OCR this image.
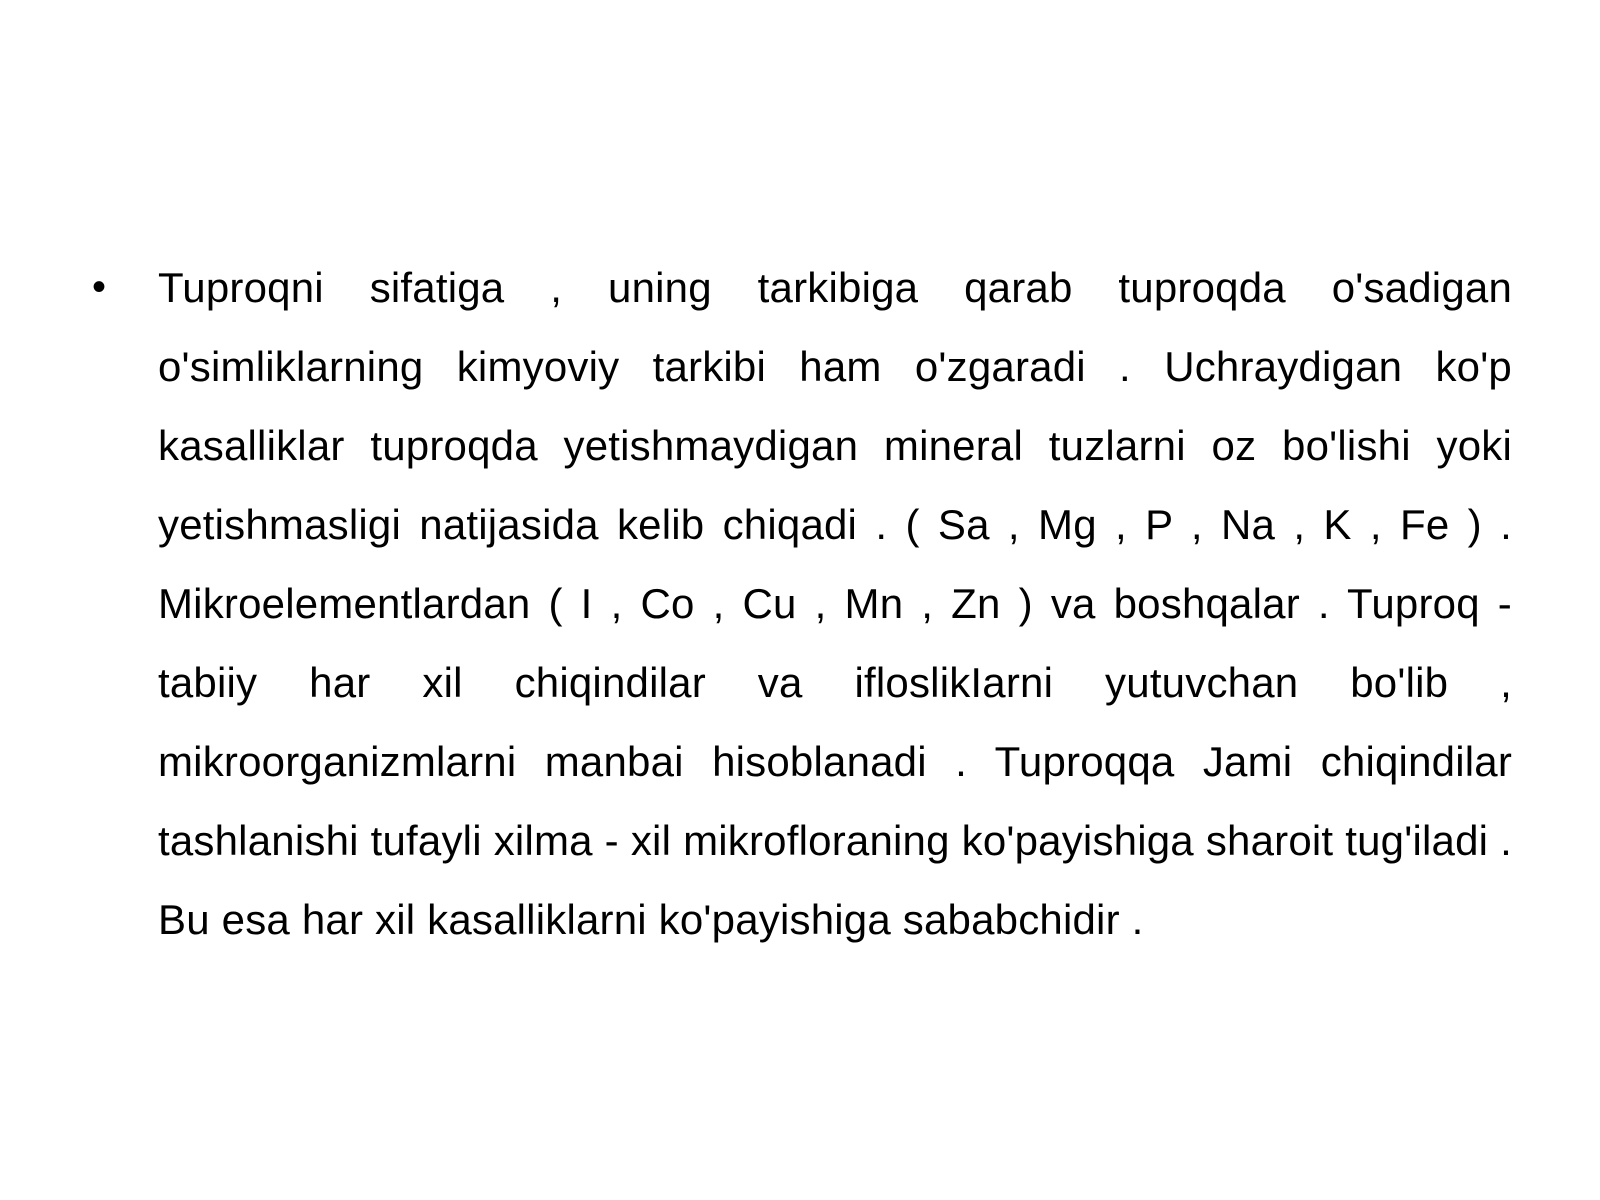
•	Tuproqni sifatiga , uning tarkibiga qarab tuproqda o'sadigan o'simliklarning kimyoviy tarkibi ham o'zgaradi . Uchraydigan ko'p kasalliklar tuproqda yetishmaydigan mineral tuzlarni oz bo'lishi yoki yetishmasligi natijasida kelib chiqadi . ( Sa , Mg , P , Na , K , Fe ) . Mikroelementlardan ( I , Co , Cu , Mn , Zn ) va boshqalar . Tuproq - tabiiy har xil chiqindilar va ifloslikIarni yutuvchan bo'lib , mikroorganizmlarni manbai hisoblanadi . Tuproqqa Jami chiqindilar tashlanishi tufayli xilma - xil mikrofloraning ko'payishiga sharoit tug'iladi . Bu esa har xil kasalliklarni ko'payishiga sababchidir .
